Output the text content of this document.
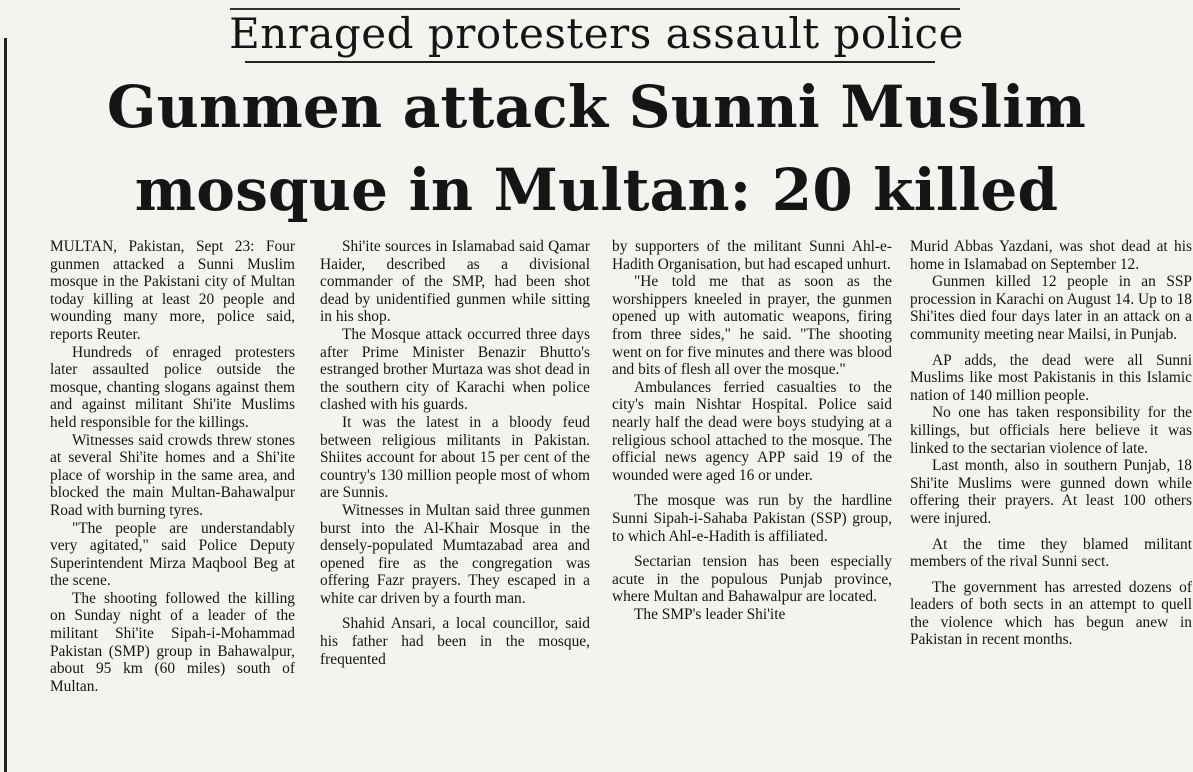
Enraged protesters assault police
Gunmen attack Sunni Muslim
mosque in Multan: 20 killed

MULTAN, Pakistan, Sept 23: Four gunmen attacked a Sunni Muslim mosque in the Pakistani city of Multan today killing at least 20 people and wounding many more, police said, reports Reuter.

Hundreds of enraged protesters later assaulted police outside the mosque, chanting slogans against them and against militant Shi'ite Muslims held responsible for the killings.

Witnesses said crowds threw stones at several Shi'ite homes and a Shi'ite place of worship in the same area, and blocked the main Multan-Bahawalpur Road with burning tyres.

"The people are understandably very agitated," said Police Deputy Superintendent Mirza Maqbool Beg at the scene.

The shooting followed the killing on Sunday night of a leader of the militant Shi'ite Sipah-i-Mohammad Pakistan (SMP) group in Bahawalpur, about 95 km (60 miles) south of Multan.

Shi'ite sources in Islamabad said Qamar Haider, described as a divisional commander of the SMP, had been shot dead by unidentified gunmen while sitting in his shop.

The Mosque attack occurred three days after Prime Minister Benazir Bhutto's estranged brother Murtaza was shot dead in the southern city of Karachi when police clashed with his guards.

It was the latest in a bloody feud between religious militants in Pakistan. Shiites account for about 15 per cent of the country's 130 million people most of whom are Sunnis.

Witnesses in Multan said three gunmen burst into the Al-Khair Mosque in the densely-populated Mumtazabad area and opened fire as the congregation was offering Fazr prayers. They escaped in a white car driven by a fourth man.

Shahid Ansari, a local councillor, said his father had been in the mosque, frequented

by supporters of the militant Sunni Ahl-e-Hadith Organisation, but had escaped unhurt.

"He told me that as soon as the worshippers kneeled in prayer, the gunmen opened up with automatic weapons, firing from three sides," he said. "The shooting went on for five minutes and there was blood and bits of flesh all over the mosque."

Ambulances ferried casualties to the city's main Nishtar Hospital. Police said nearly half the dead were boys studying at a religious school attached to the mosque. The official news agency APP said 19 of the wounded were aged 16 or under.

The mosque was run by the hardline Sunni Sipah-i-Sahaba Pakistan (SSP) group, to which Ahl-e-Hadith is affiliated.

Sectarian tension has been especially acute in the populous Punjab province, where Multan and Bahawalpur are located.

The SMP's leader Shi'ite

Murid Abbas Yazdani, was shot dead at his home in Islamabad on September 12.

Gunmen killed 12 people in an SSP procession in Karachi on August 14. Up to 18 Shi'ites died four days later in an attack on a community meeting near Mailsi, in Punjab.

AP adds, the dead were all Sunni Muslims like most Pakistanis in this Islamic nation of 140 million people.

No one has taken responsibility for the killings, but officials here believe it was linked to the sectarian violence of late.

Last month, also in southern Punjab, 18 Shi'ite Muslims were gunned down while offering their prayers. At least 100 others were injured.

At the time they blamed militant members of the rival Sunni sect.

The government has arrested dozens of leaders of both sects in an attempt to quell the violence which has begun anew in Pakistan in recent months.
